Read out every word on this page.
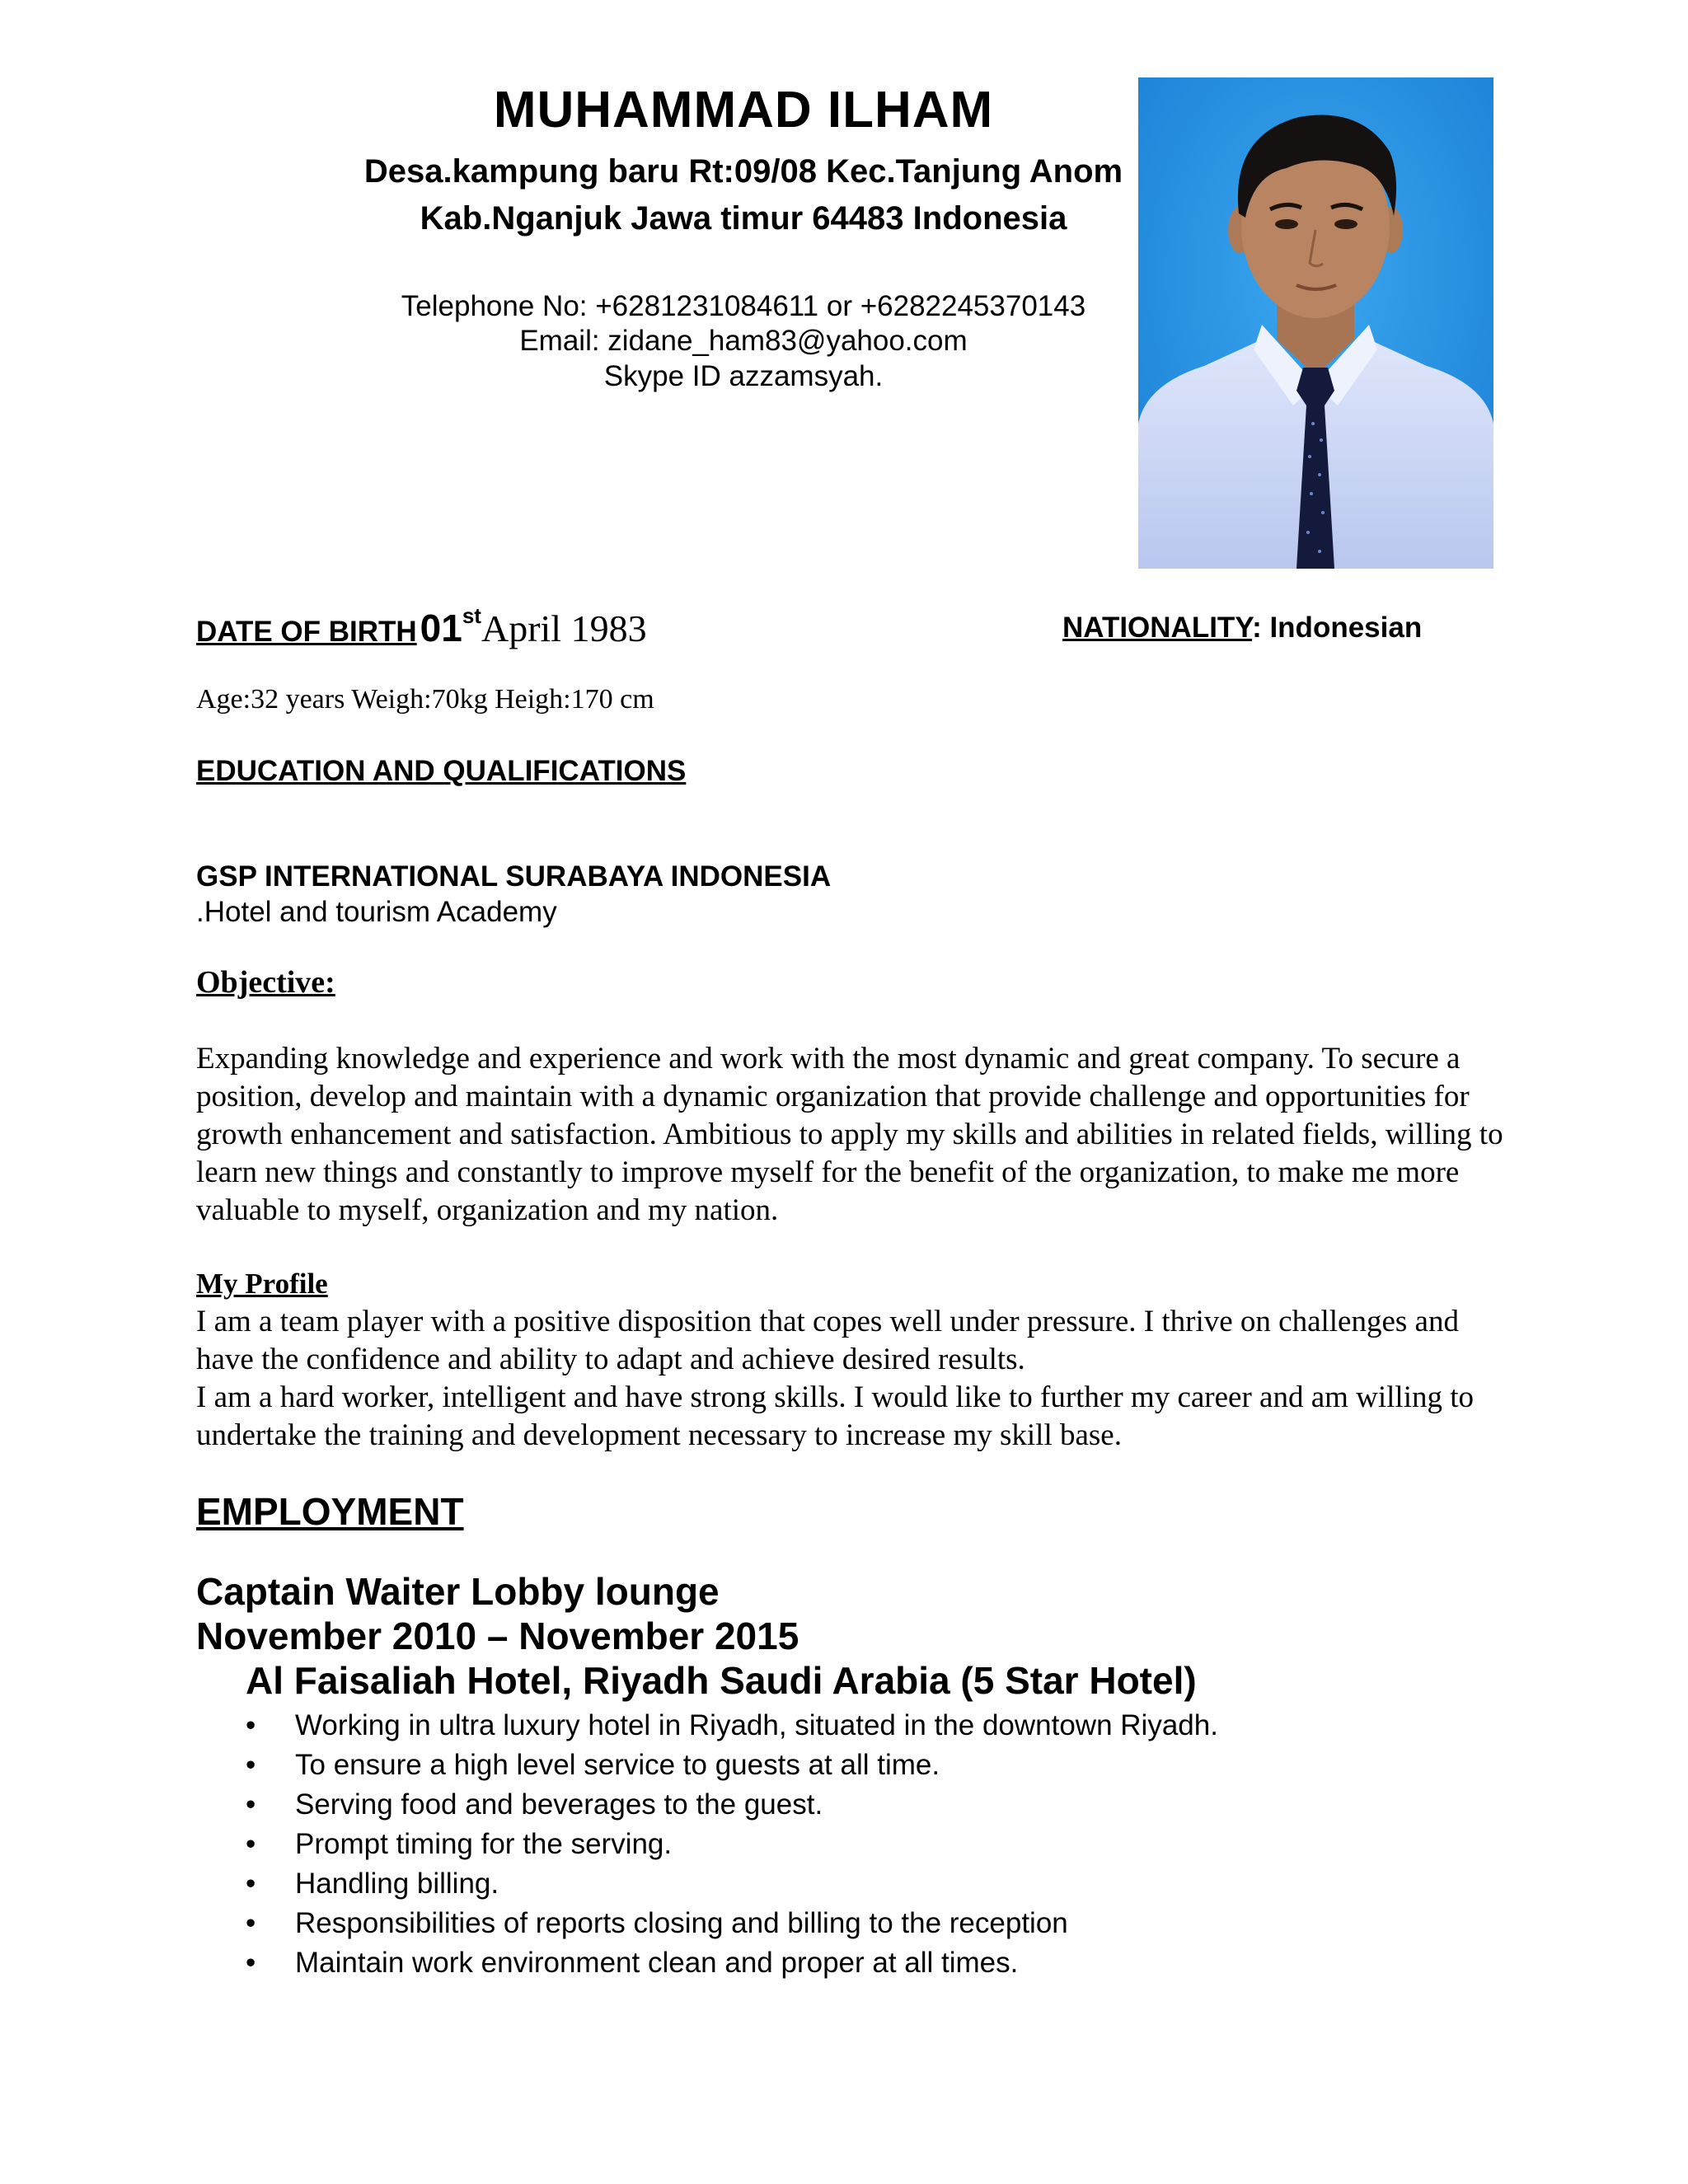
MUHAMMAD ILHAM
Desa.kampung baru Rt:09/08 Kec.Tanjung Anom
Kab.Nganjuk Jawa timur 64483 Indonesia
Telephone No: +6281231084611 or +6282245370143
Email: zidane_ham83@yahoo.com
Skype ID azzamsyah.
DATE OF BIRTH 01stApril 1983	NATIONALITY: Indonesian
Age:32 years Weigh:70kg Heigh:170 cm
EDUCATION AND QUALIFICATIONS
GSP INTERNATIONAL SURABAYA INDONESIA
.Hotel and tourism Academy
Objective:

Expanding knowledge and experience and work with the most dynamic and great company. To secure a position, develop and maintain with a dynamic organization that provide challenge and opportunities for growth enhancement and satisfaction. Ambitious to apply my skills and abilities in related fields, willing to learn new things and constantly to improve myself for the benefit of the organization, to make me more valuable to myself, organization and my nation.

My Profile

I am a team player with a positive disposition that copes well under pressure. I thrive on challenges and have the confidence and ability to adapt and achieve desired results.

I am a hard worker, intelligent and have strong skills. I would like to further my career and am willing to undertake the training and development necessary to increase my skill base.

EMPLOYMENT
Captain Waiter Lobby lounge
November 2010 – November 2015
Al Faisaliah Hotel, Riyadh Saudi Arabia (5 Star Hotel)
• Working in ultra luxury hotel in Riyadh, situated in the downtown Riyadh.
• To ensure a high level service to guests at all time.
• Serving food and beverages to the guest.
• Prompt timing for the serving.
• Handling billing.
• Responsibilities of reports closing and billing to the reception
• Maintain work environment clean and proper at all times.
